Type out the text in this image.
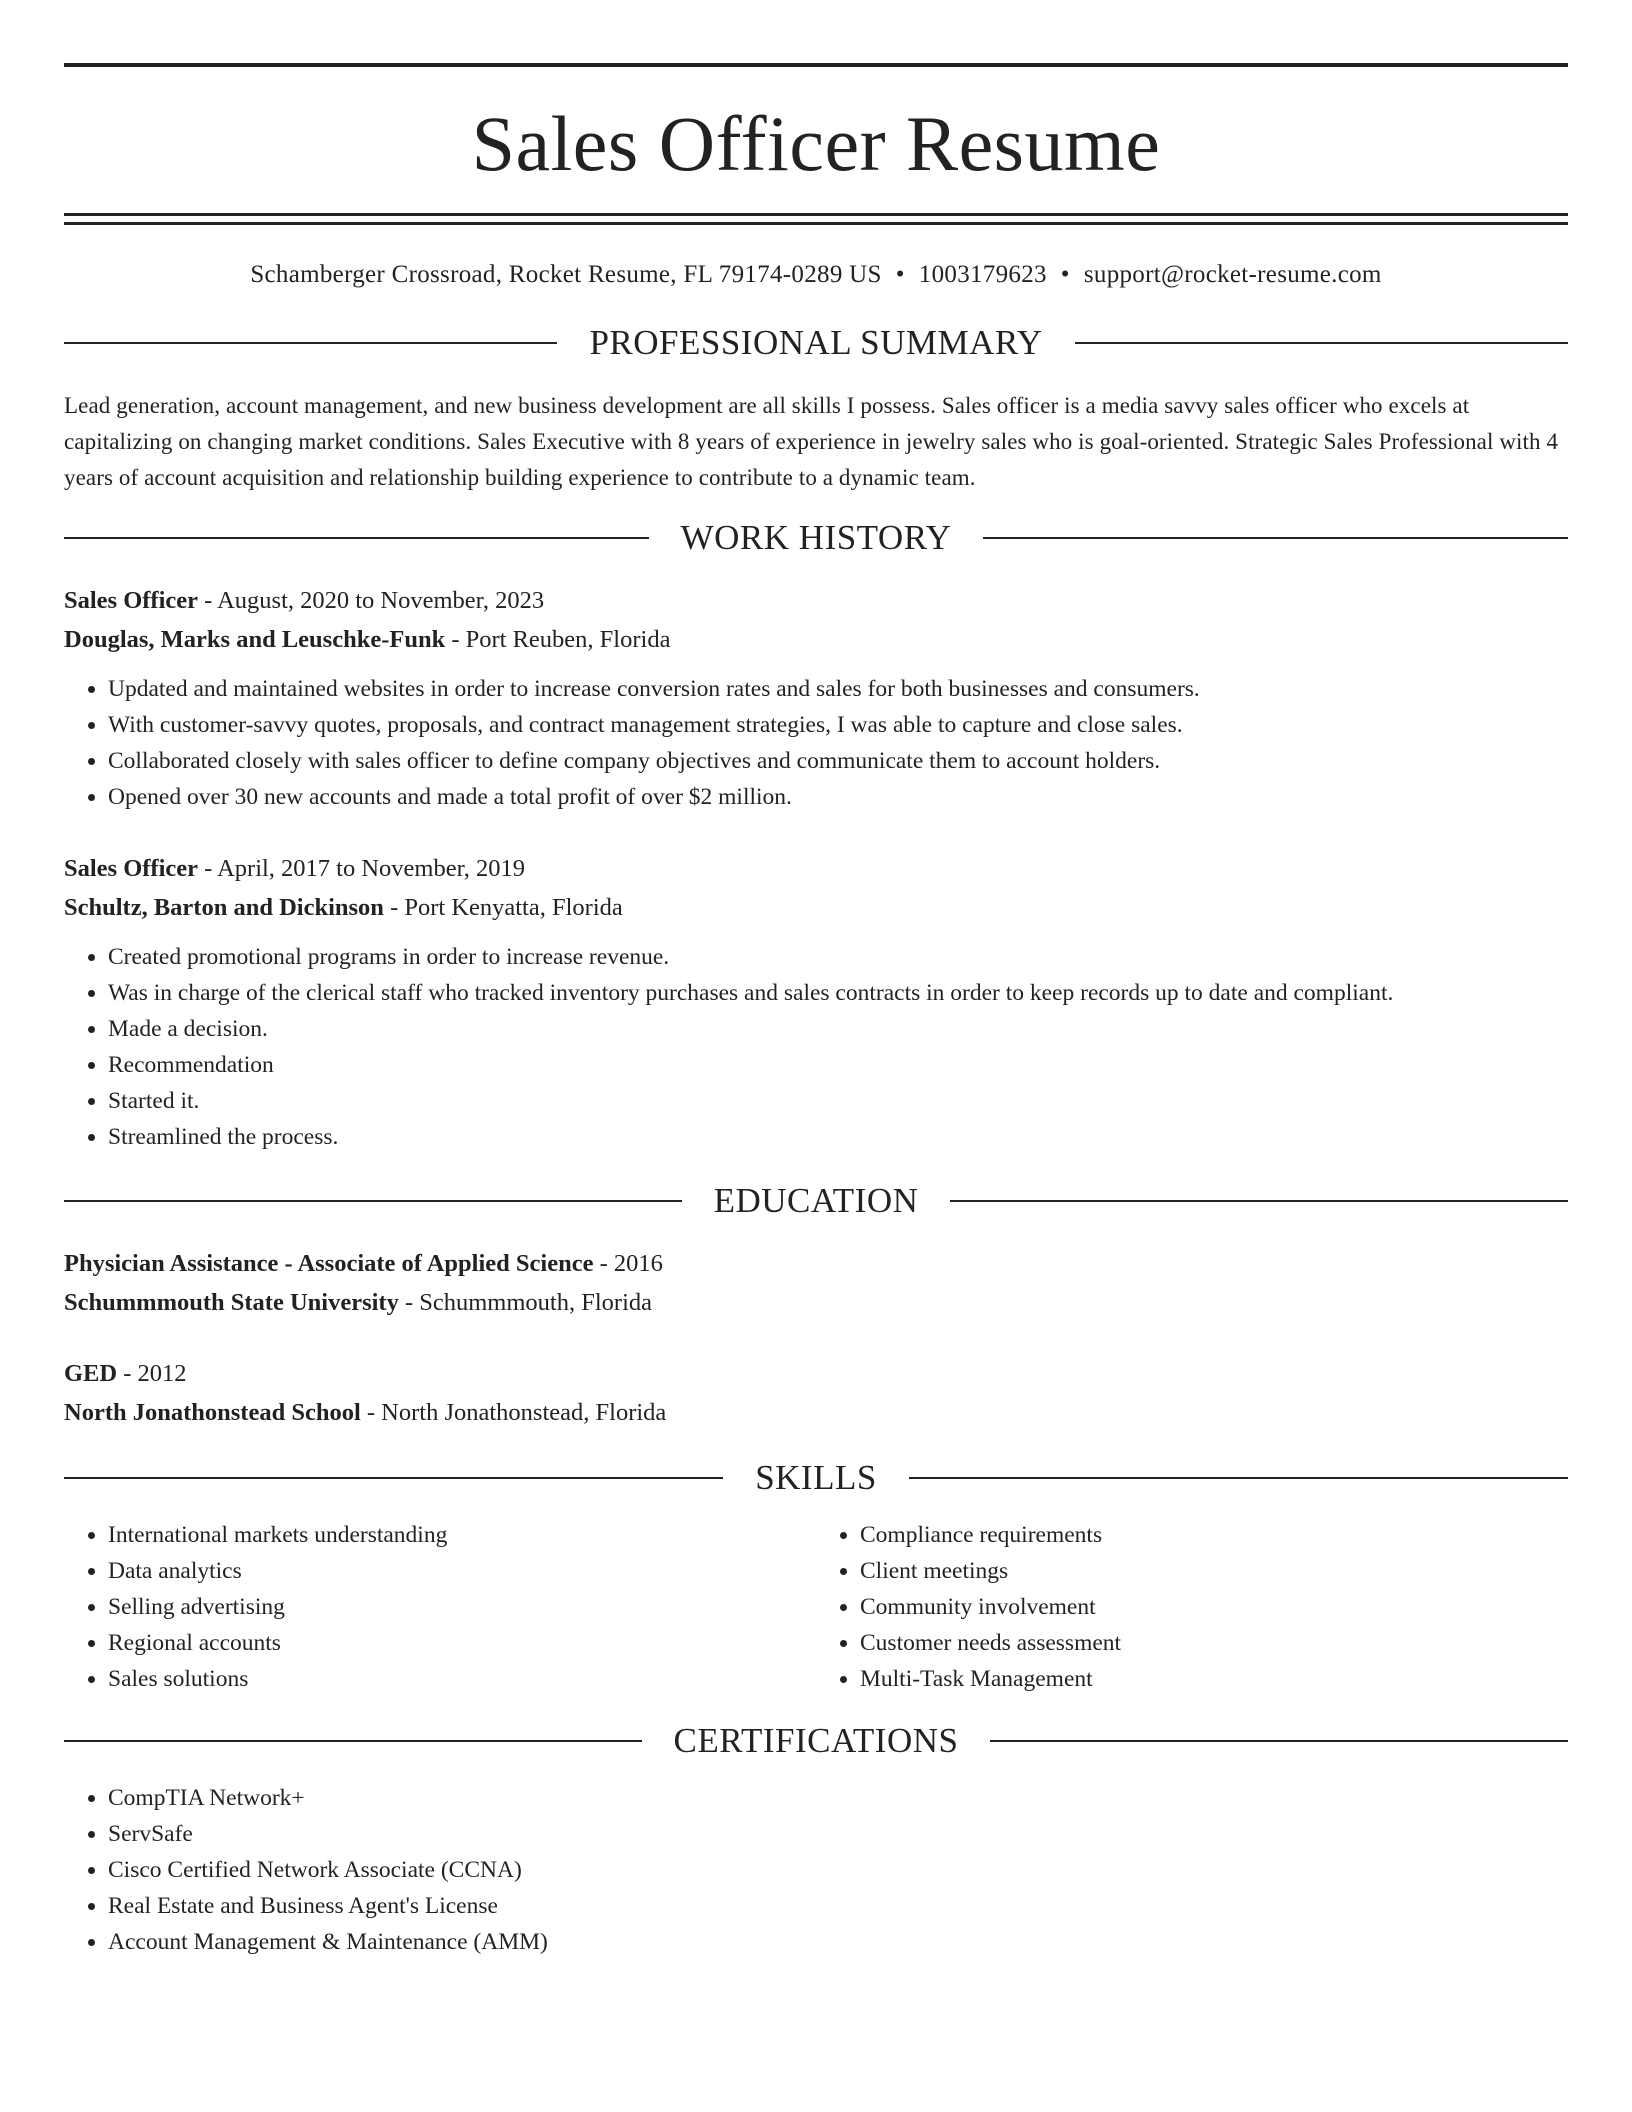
Sales Officer Resume
Schamberger Crossroad, Rocket Resume, FL 79174-0289 US • 1003179623 • support@rocket-resume.com
PROFESSIONAL SUMMARY

Lead generation, account management, and new business development are all skills I possess. Sales officer is a media savvy sales officer who excels at capitalizing on changing market conditions. Sales Executive with 8 years of experience in jewelry sales who is goal-oriented. Strategic Sales Professional with 4 years of account acquisition and relationship building experience to contribute to a dynamic team.

WORK HISTORY
Sales Officer - August, 2020 to November, 2023
Douglas, Marks and Leuschke-Funk - Port Reuben, Florida
• Updated and maintained websites in order to increase conversion rates and sales for both businesses and consumers.
• With customer-savvy quotes, proposals, and contract management strategies, I was able to capture and close sales.
• Collaborated closely with sales officer to define company objectives and communicate them to account holders.
• Opened over 30 new accounts and made a total profit of over $2 million.
Sales Officer - April, 2017 to November, 2019
Schultz, Barton and Dickinson - Port Kenyatta, Florida
• Created promotional programs in order to increase revenue.
• Was in charge of the clerical staff who tracked inventory purchases and sales contracts in order to keep records up to date and compliant.
• Made a decision.
• Recommendation
• Started it.
• Streamlined the process.
EDUCATION
Physician Assistance - Associate of Applied Science - 2016
Schummmouth State University - Schummmouth, Florida
GED - 2012
North Jonathonstead School - North Jonathonstead, Florida
SKILLS
• International markets understanding
• Data analytics
• Selling advertising
• Regional accounts
• Sales solutions
• Compliance requirements
• Client meetings
• Community involvement
• Customer needs assessment
• Multi-Task Management
CERTIFICATIONS
• CompTIA Network+
• ServSafe
• Cisco Certified Network Associate (CCNA)
• Real Estate and Business Agent's License
• Account Management & Maintenance (AMM)
